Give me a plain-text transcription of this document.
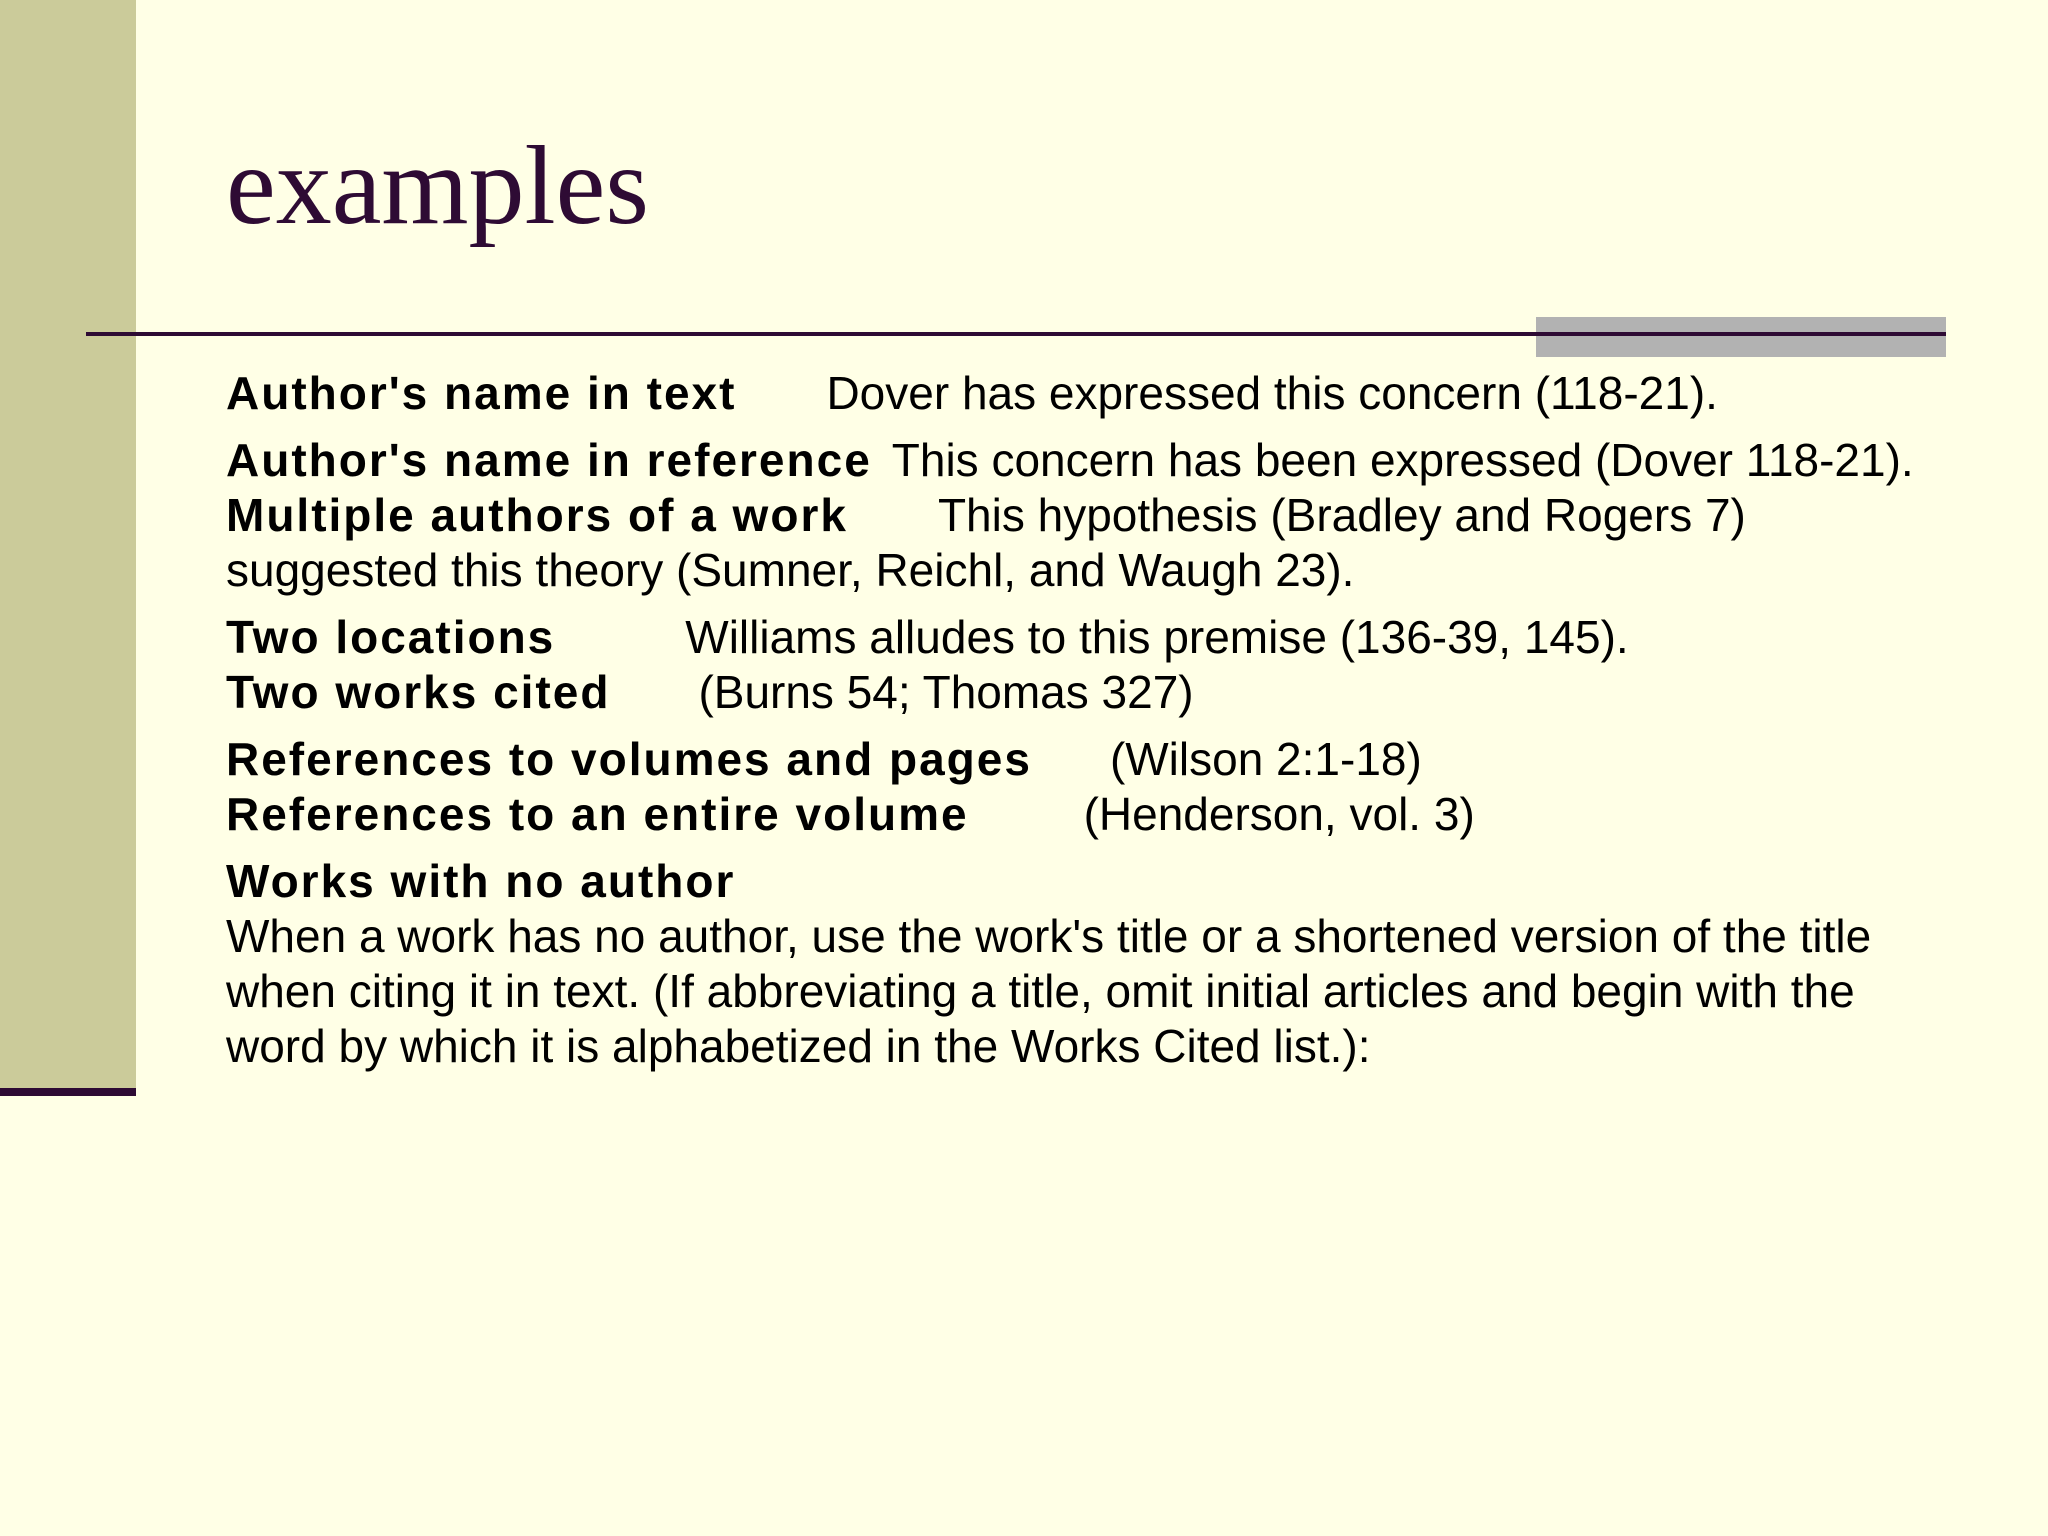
examples

Author's name in text Dover has expressed this concern (118-21).

Author's name in reference This concern has been expressed (Dover 118-21).

Multiple authors of a work This hypothesis (Bradley and Rogers 7) suggested this theory (Sumner, Reichl, and Waugh 23).

Two locations	Williams alludes to this premise (136-39, 145).

Two works cited (Burns 54; Thomas 327)

References to volumes and pages (Wilson 2:1-18)

References to an entire volume	(Henderson, vol. 3)

Works with no author
When a work has no author, use the work's title or a shortened version of the title when citing it in text. (If abbreviating a title, omit initial articles and begin with the word by which it is alphabetized in the Works Cited list.):
